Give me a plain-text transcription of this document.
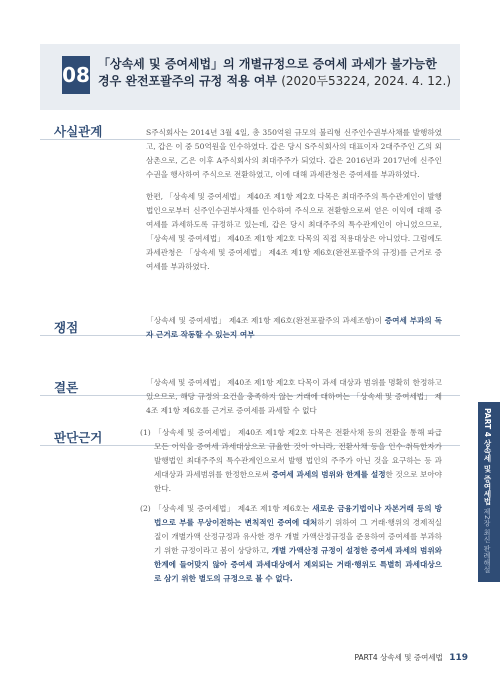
08 「상속세 및 증여세법」의 개별규정으로 증여세 과세가 불가능한
경우 완전포괄주의 규정 적용 여부 (2020두53224, 2024. 4. 12.)
사실관계	S주식회사는 2014년 3월 4일, 총 350억원 규모의 불리형 신주인수권부사채를 발행하였고, 갑은 이 중 50억원을 인수하였다. 갑은 당시 S주식회사의 대표이자 2대주주인 乙의 외삼촌으로, 乙은 이후 A주식회사의 최대주주가 되었다. 갑은 2016년과 2017년에 신주인수권을 행사하여 주식으로 전환하였고, 이에 대해 과세관청은 증여세를 부과하였다.

한편, 「상속세 및 증여세법」 제40조 제1항 제2호 다목은 최대주주의 특수관계인이 발행법인으로부터 신주인수권부사채를 인수하여 주식으로 전환함으로써 얻은 이익에 대해 증여세를 과세하도록 규정하고 있는데, 갑은 당시 최대주주의 특수관계인이 아니었으므로, 「상속세 및 증여세법」 제40조 제1항 제2호 다목의 직접 적용대상은 아니었다. 그럼에도 과세관청은 「상속세 및 증여세법」 제4조 제1항 제6호(완전포괄주의 규정)를 근거로 증여세를 부과하였다.

쟁점	「상속세 및 증여세법」 제4조 제1항 제6호(완전포괄주의 과세조항)이 증여세 부과의 독자 근거로 작동할 수 있는지 여부
결론	「상속세 및 증여세법」 제40조 제1항 제2호 다목이 과세 대상과 범위를 명확히 한정하고 있으므로, 해당 규정의 요건을 충족하지 않는 거래에 대하여는 「상속세 및 증여세법」 제4조 제1항 제6호를 근거로 증여세를 과세할 수 없다
판단근거	(1) 「상속세 및 증여세법」 제40조 제1항 제2호 다목은 전환사채 등의 전환을 통해 파급 모든 이익을 증여세 과세대상으로 규율한 것이 아니라, 전환사채 등을 인수·취득한자가 발행법인 최대주주의 특수관계인으로서 발행 법인의 주주가 아닌 것을 요구하는 등 과세대상과 과세범위를 한정한으로써 증여세 과세의 범위와 한계를 설정한 것으로 보아야 한다.
(2) 「상속세 및 증여세법」 제4조 제1항 제6호는 새로운 금융기법이나 자본거래 등의 방법으로 부를 무상이전하는 변칙적인 증여에 대처하기 위하여 그 거래·행위의 경제적실질이 개별가액 산정규정과 유사한 경우 개별 가액산정규정을 준용하여 증여세를 부과하기 위한 규정이라고 봄이 상당하고, 개별 가액산정 규정이 설정한 증여세 과세의 범위와 한계에 들어맞지 않아 증여세 과세대상에서 제외되는 거래·행위도 특별히 과세대상으로 삼기 위한 별도의 규정으로 볼 수 없다.
PART 4 상속세 및 증여세법
제2장 최신 판례해설
PART4 상속세 및 증여세법 119
